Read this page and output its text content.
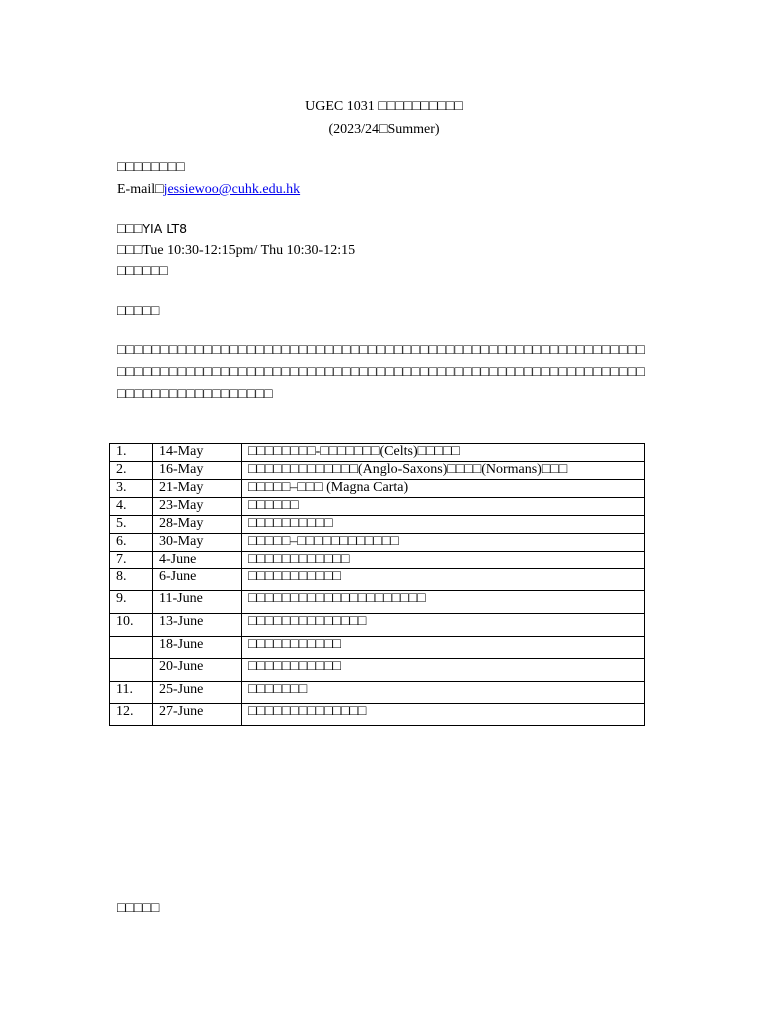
UGEC 1031 □□□□□□□□□□
(2023/24□Summer)
□□□□□□□□
E-mail□jessiewoo@cuhk.edu.hk
□□□YIA LT8
□□□Tue 10:30-12:15pm/ Thu 10:30-12:15
□□□□□□
□□□□□
□□□□□□□□□□□□□□□□□□□□□□□□□□□□□□□□□□□□□□□□□□□□□□□□□□□□□□□□□□□□□□□□□□□□□□□□□□□□□□□□□□□□□□□□□□□□□□□□□□□□□□□□□□□□□□□□□□□□□□□□□□□□□□□□□□□□□□□□□□□□
1.	14-May	□□□□□□□□-□□□□□□□(Celts)□□□□□
2.	16-May	□□□□□□□□□□□□□(Anglo-Saxons)□□□□(Normans)□□□
3.	21-May	□□□□□–□□□ (Magna Carta)
4.	23-May	□□□□□□
5.	28-May	□□□□□□□□□□
6.	30-May	□□□□□–□□□□□□□□□□□□
7.	4-June	□□□□□□□□□□□□
8.	6-June	□□□□□□□□□□□
9.	11-June	□□□□□□□□□□□□□□□□□□□□□
10.	13-June	□□□□□□□□□□□□□□
	18-June	□□□□□□□□□□□
	20-June	□□□□□□□□□□□
11.	25-June	□□□□□□□
12.	27-June	□□□□□□□□□□□□□□
□□□□□
